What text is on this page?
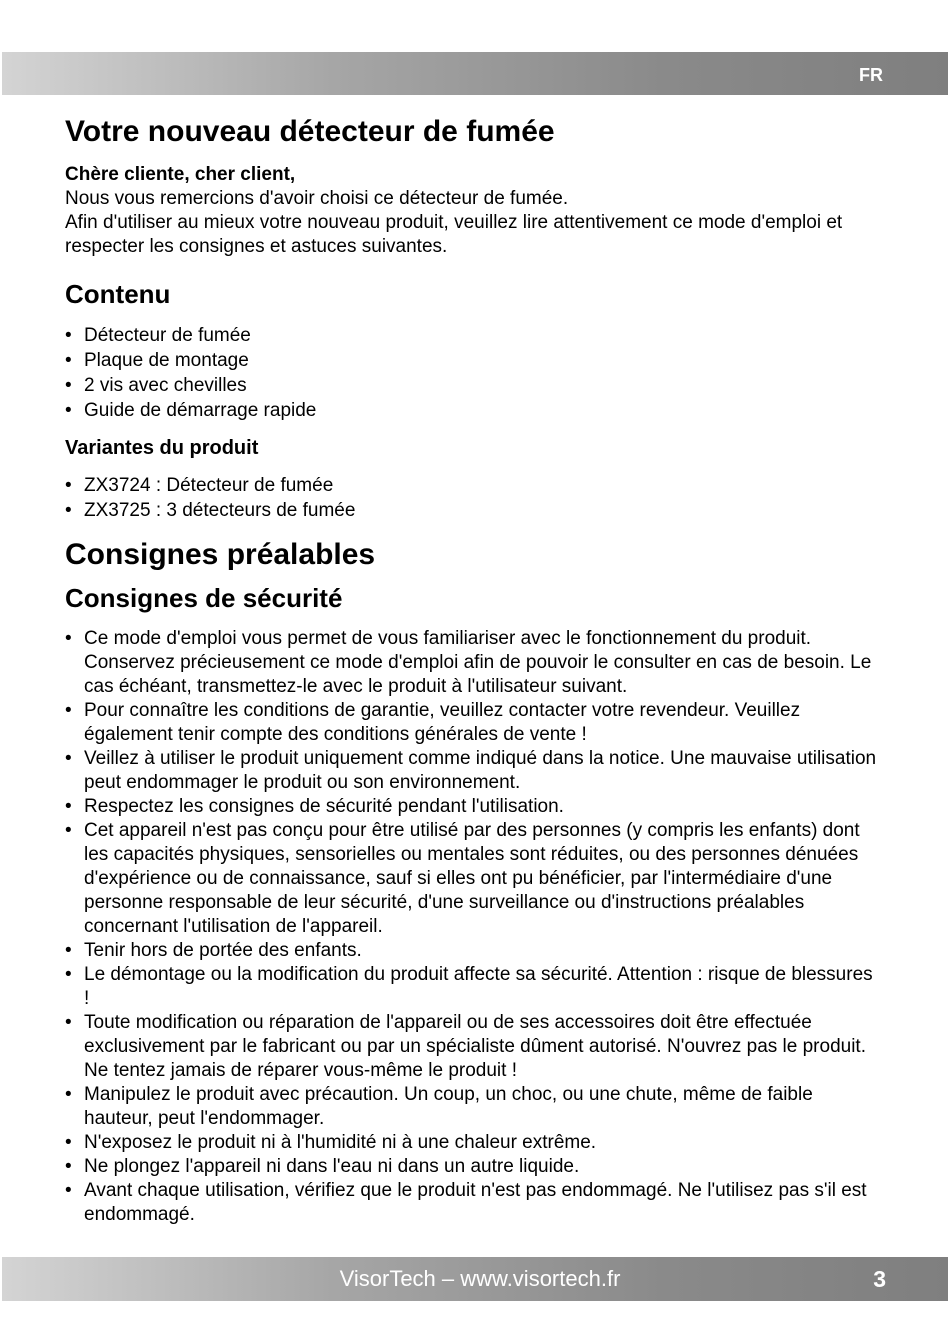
FR
Votre nouveau détecteur de fumée

Chère cliente, cher client,

Nous vous remercions d'avoir choisi ce détecteur de fumée.

Afin d'utiliser au mieux votre nouveau produit, veuillez lire attentivement ce mode d'emploi et respecter les consignes et astuces suivantes.

Contenu
• Détecteur de fumée
• Plaque de montage
• 2 vis avec chevilles
• Guide de démarrage rapide
Variantes du produit
• ZX3724 : Détecteur de fumée
• ZX3725 : 3 détecteurs de fumée
Consignes préalables
Consignes de sécurité
• Ce mode d'emploi vous permet de vous familiariser avec le fonctionnement du produit. Conservez précieusement ce mode d'emploi afin de pouvoir le consulter en cas de besoin. Le cas échéant, transmettez-le avec le produit à l'utilisateur suivant.
• Pour connaître les conditions de garantie, veuillez contacter votre revendeur. Veuillez également tenir compte des conditions générales de vente !
• Veillez à utiliser le produit uniquement comme indiqué dans la notice. Une mauvaise utilisation peut endommager le produit ou son environnement.
• Respectez les consignes de sécurité pendant l'utilisation.
• Cet appareil n'est pas conçu pour être utilisé par des personnes (y compris les enfants) dont les capacités physiques, sensorielles ou mentales sont réduites, ou des personnes dénuées d'expérience ou de connaissance, sauf si elles ont pu bénéficier, par l'intermédiaire d'une personne responsable de leur sécurité, d'une surveillance ou d'instructions préalables concernant l'utilisation de l'appareil.
• Tenir hors de portée des enfants.
• Le démontage ou la modification du produit affecte sa sécurité. Attention : risque de blessures !
• Toute modification ou réparation de l'appareil ou de ses accessoires doit être effectuée exclusivement par le fabricant ou par un spécialiste dûment autorisé. N'ouvrez pas le produit. Ne tentez jamais de réparer vous-même le produit !
• Manipulez le produit avec précaution. Un coup, un choc, ou une chute, même de faible hauteur, peut l'endommager.
• N'exposez le produit ni à l'humidité ni à une chaleur extrême.
• Ne plongez l'appareil ni dans l'eau ni dans un autre liquide.
• Avant chaque utilisation, vérifiez que le produit n'est pas endommagé. Ne l'utilisez pas s'il est endommagé.
VisorTech – www.visortech.fr	3
